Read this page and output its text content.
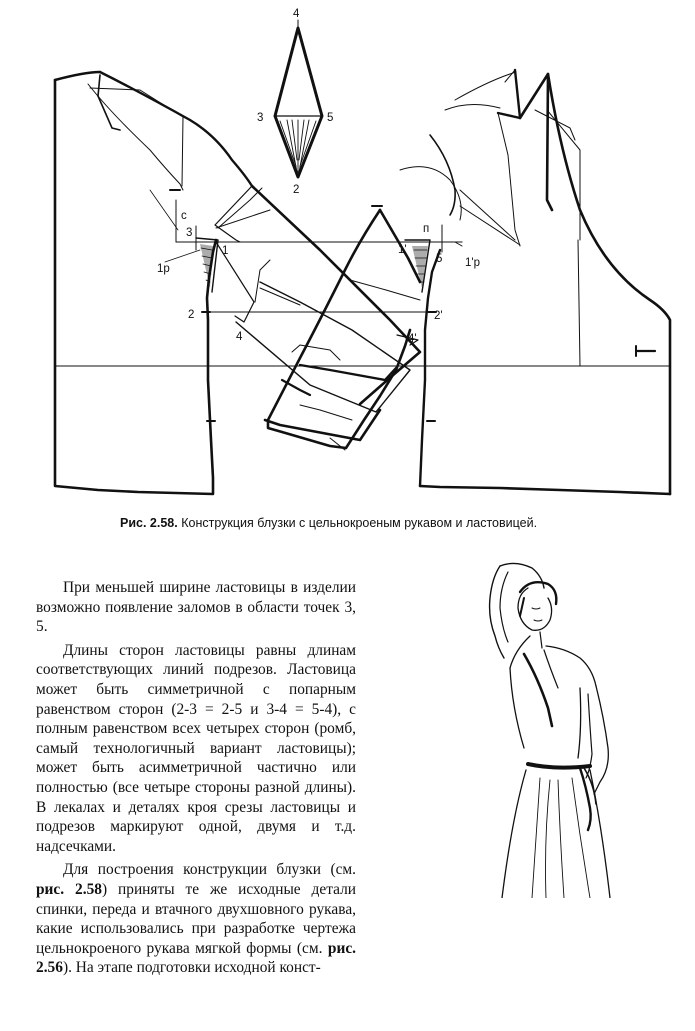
4
3	5
2
c
3
1p
1
2
4
п
1'
5 1'р
2'
4'
Рис. 2.58. Конструкция блузки с цельнокроеным рукавом и ластовицей.

При меньшей ширине ластовицы в изделии возможно появление заломов в области точек 3, 5.

Длины сторон ластовицы равны длинам соответствующих линий подрезов. Ластовица может быть симметричной с попарным равенством сторон (2-3 = 2-5 и 3-4 = 5-4), с полным равенством всех четырех сторон (ромб, самый технологичный вариант ластовицы); может быть асимметричной частично или полностью (все четыре стороны разной длины). В лекалах и деталях кроя срезы ластовицы и подрезов маркируют одной, двумя и т.д. надсечками.

Для построения конструкции блузки (см. рис. 2.58) приняты те же исходные детали спинки, переда и втачного двухшовного рукава, какие использовались при разработке чертежа цельнокроеного рукава мягкой формы (см. рис. 2.56). На этапе подготовки исходной конст-
